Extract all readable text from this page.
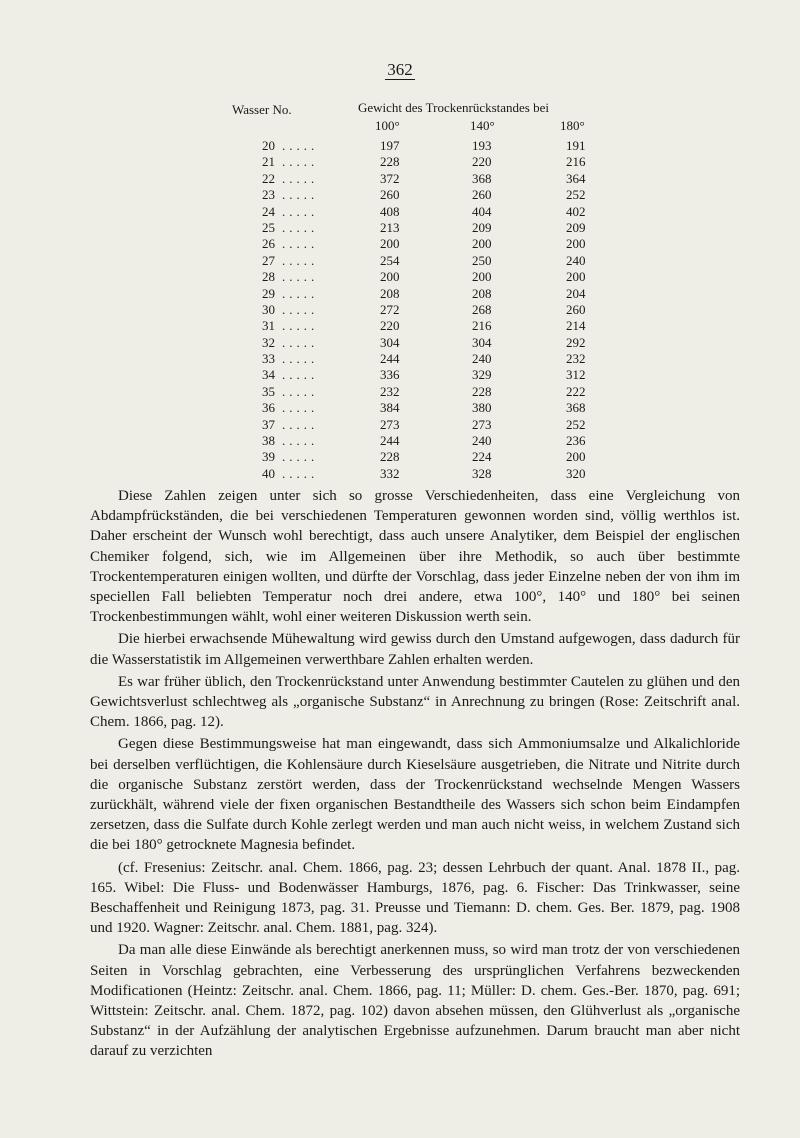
362
Wasser No.	Gewicht des Trockenrückstandes bei
100°	140°	180°
20 .....	197	193	191
21 .....	228	220	216
22 .....	372	368	364
23 .....	260	260	252
24 .....	408	404	402
25 .....	213	209	209
26 .....	200	200	200
27 .....	254	250	240
28 .....	200	200	200
29 .....	208	208	204
30 .....	272	268	260
31 .....	220	216	214
32 .....	304	304	292
33 .....	244	240	232
34 .....	336	329	312
35 .....	232	228	222
36 .....	384	380	368
37 .....	273	273	252
38 .....	244	240	236
39 .....	228	224	200
40 .....	332	328	320

Diese Zahlen zeigen unter sich so grosse Verschiedenheiten, dass eine Vergleichung von Abdampfrückständen, die bei verschiedenen Temperaturen gewonnen worden sind, völlig werthlos ist. Daher erscheint der Wunsch wohl berechtigt, dass auch unsere Analytiker, dem Beispiel der englischen Chemiker folgend, sich, wie im Allgemeinen über ihre Methodik, so auch über bestimmte Trockentemperaturen einigen wollten, und dürfte der Vorschlag, dass jeder Einzelne neben der von ihm im speciellen Fall beliebten Temperatur noch drei andere, etwa 100°, 140° und 180° bei seinen Trockenbestimmungen wählt, wohl einer weiteren Diskussion werth sein.

Die hierbei erwachsende Mühewaltung wird gewiss durch den Umstand aufgewogen, dass dadurch für die Wasserstatistik im Allgemeinen verwerthbare Zahlen erhalten werden.

Es war früher üblich, den Trockenrückstand unter Anwendung bestimmter Cautelen zu glühen und den Gewichtsverlust schlechtweg als „organische Substanz“ in Anrechnung zu bringen (Rose: Zeitschrift anal. Chem. 1866, pag. 12).

Gegen diese Bestimmungsweise hat man eingewandt, dass sich Ammoniumsalze und Alkalichloride bei derselben verflüchtigen, die Kohlensäure durch Kieselsäure ausgetrieben, die Nitrate und Nitrite durch die organische Substanz zerstört werden, dass der Trockenrückstand wechselnde Mengen Wassers zurückhält, während viele der fixen organischen Bestandtheile des Wassers sich schon beim Eindampfen zersetzen, dass die Sulfate durch Kohle zerlegt werden und man auch nicht weiss, in welchem Zustand sich die bei 180° getrocknete Magnesia befindet.

(cf. Fresenius: Zeitschr. anal. Chem. 1866, pag. 23; dessen Lehrbuch der quant. Anal. 1878 II., pag. 165. Wibel: Die Fluss- und Bodenwässer Hamburgs, 1876, pag. 6. Fischer: Das Trinkwasser, seine Beschaffenheit und Reinigung 1873, pag. 31. Preusse und Tiemann: D. chem. Ges. Ber. 1879, pag. 1908 und 1920. Wagner: Zeitschr. anal. Chem. 1881, pag. 324).

Da man alle diese Einwände als berechtigt anerkennen muss, so wird man trotz der von verschiedenen Seiten in Vorschlag gebrachten, eine Verbesserung des ursprünglichen Verfahrens bezweckenden Modificationen (Heintz: Zeitschr. anal. Chem. 1866, pag. 11; Müller: D. chem. Ges.-Ber. 1870, pag. 691; Wittstein: Zeitschr. anal. Chem. 1872, pag. 102) davon absehen müssen, den Glühverlust als „organische Substanz“ in der Aufzählung der analytischen Ergebnisse aufzunehmen. Darum braucht man aber nicht darauf zu verzichten
